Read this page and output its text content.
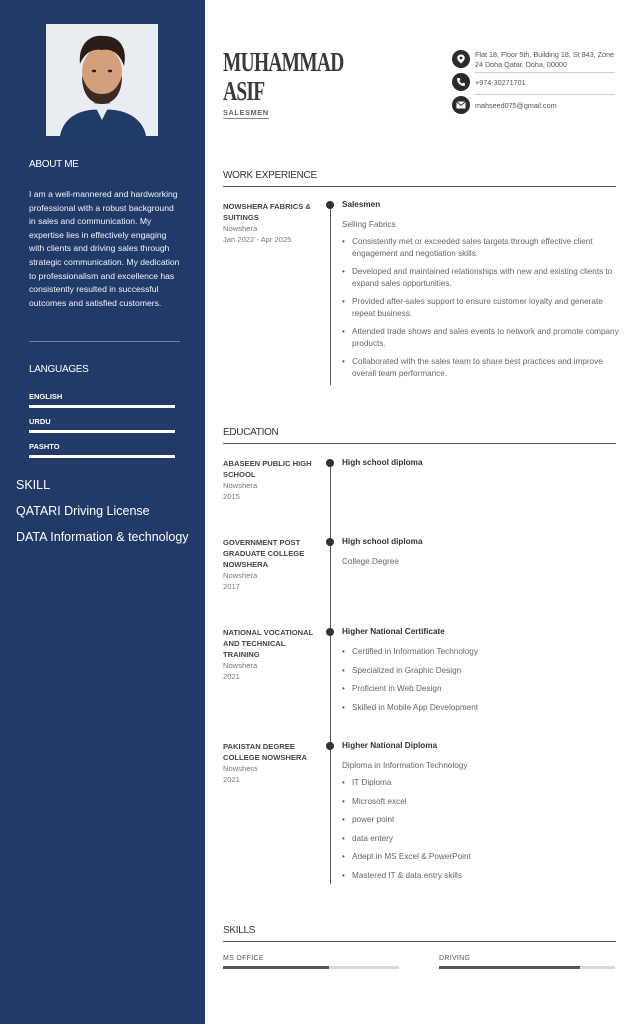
ABOUT ME
I am a well-mannered and hardworking professional with a robust background in sales and communication. My expertise lies in effectively engaging with clients and driving sales through strategic communication. My dedication to professionalism and excellence has consistently resulted in successful outcomes and satisfied customers.
LANGUAGES
ENGLISH
URDU
PASHTO
SKILL
QATARI Driving License
DATA Information & technology
MUHAMMAD
ASIF
SALESMEN
Flat 18, Floor 5th, Building 18, St 843, Zone 24 Doha Qatar, Doha, 00000
+974-30271701
mahseed075@gmail.com
WORK EXPERIENCE
NOWSHERA FABRICS & SUITINGS
Nowshera
Jan 2022 - Apr 2025
Salesmen
Selling Fabrics
• Consistently met or exceeded sales targets through effective client engagement and negotiation skills.
• Developed and maintained relationships with new and existing clients to expand sales opportunities.
• Provided after-sales support to ensure customer loyalty and generate repeat business.
• Attended trade shows and sales events to network and promote company products.
• Collaborated with the sales team to share best practices and improve overall team performance.
EDUCATION
ABASEEN PUBLIC HIGH SCHOOL
Nowshera
2015
High school diploma
GOVERNMENT POST GRADUATE COLLEGE NOWSHERA
Nowshera
2017
High school diploma
College Degree
NATIONAL VOCATIONAL AND TECHNICAL TRAINING
Nowshera
2021
Higher National Certificate
• Certified in Information Technology
• Specialized in Graphic Design
• Proficient in Web Design
• Skilled in Mobile App Development
PAKISTAN DEGREE COLLEGE NOWSHERA
Nowshera
2021
Higher National Diploma
Diploma in Information Technology
• IT Diploma
• Microsoft excel
• power point
• data entery
• Adept in MS Excel & PowerPoint
• Mastered IT & data entry skills
SKILLS
MS OFFICE	DRIVING
